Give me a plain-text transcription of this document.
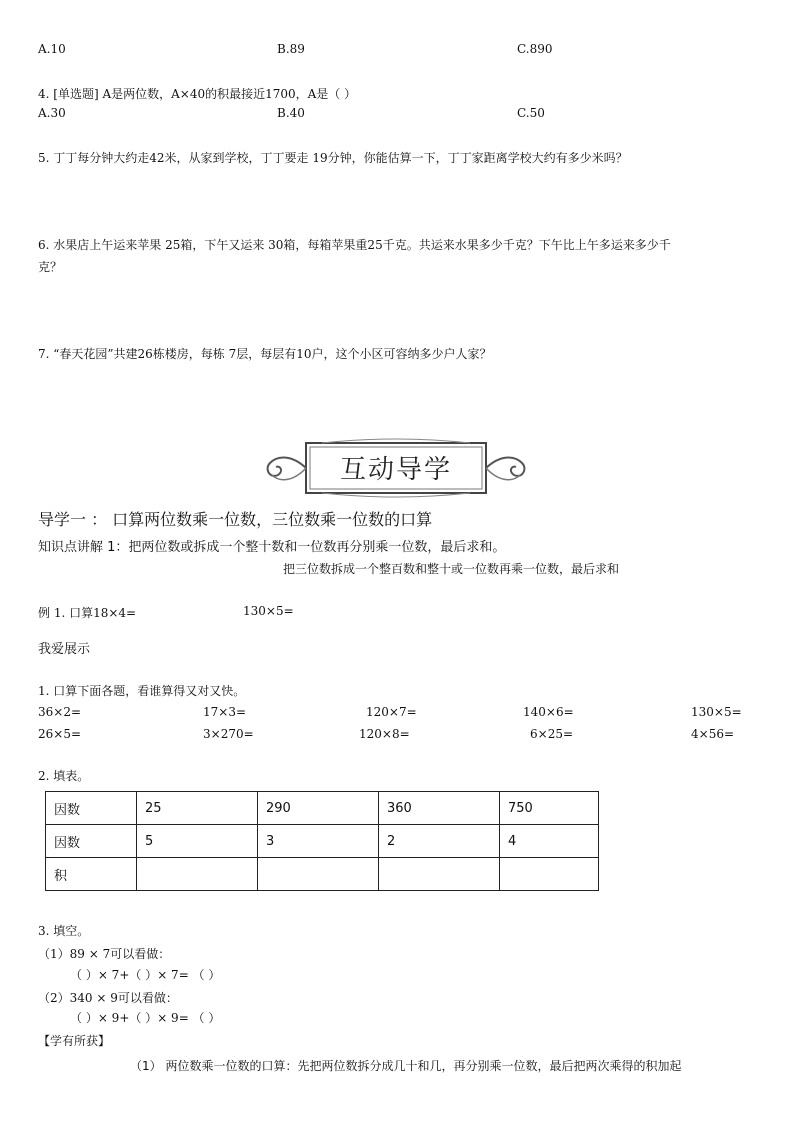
A.10	B.89	C.890
4. [单选题] A是两位数，A×40的积最接近1700，A是（ ）
A.30	B.40	C.50
5. 丁丁每分钟大约走42米，从家到学校，丁丁要走 19分钟，你能估算一下，丁丁家距离学校大约有多少米吗？
6. 水果店上午运来苹果 25箱，下午又运来 30箱，每箱苹果重25千克。共运来水果多少千克？下午比上午多运来多少千
克？
7. “春天花园”共建26栋楼房，每栋 7层，每层有10户，这个小区可容纳多少户人家？
互动导学
导学一 ： 口算两位数乘一位数，三位数乘一位数的口算
知识点讲解 1：把两位数或拆成一个整十数和一位数再分别乘一位数，最后求和。
把三位数拆成一个整百数和整十或一位数再乘一位数，最后求和
例 1. 口算18×4=	130×5=
我爱展示
1. 口算下面各题，看谁算得又对又快。
36×2=	17×3=	120×7=	140×6=	130×5=
26×5=	3×270=	120×8=	6×25=	4×56=
2. 填表。
因数	25	290	360	750
因数	5	3	2	4
积				
3. 填空。
（1）89 × 7可以看做：
（ ）× 7+（ ）× 7= （ ）
（2）340 × 9可以看做：
（ ）× 9+（ ）× 9= （ ）
【学有所获】
（1） 两位数乘一位数的口算：先把两位数拆分成几十和几，再分别乘一位数，最后把两次乘得的积加起
